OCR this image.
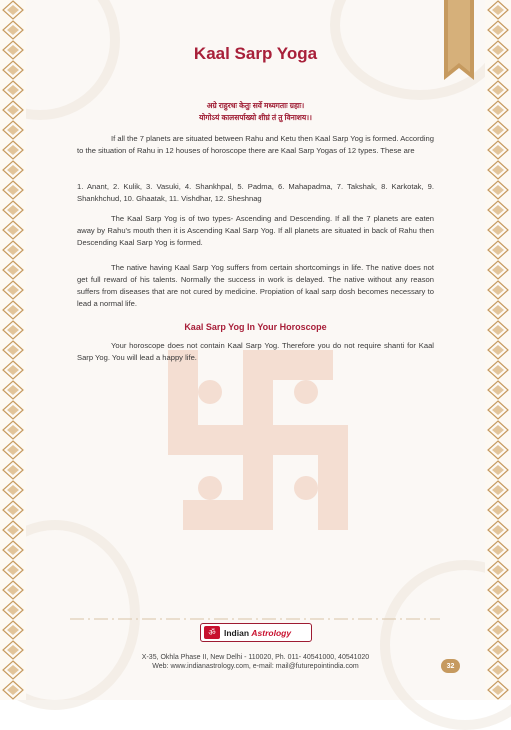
Kaal Sarp Yoga

अग्रे राहुरधः केतुः सर्वे मध्यगताः ग्रहाः।

योगोऽयं कालसर्पाख्यो शीघ्रं तं तु विनाशय।।

If all the 7 planets are situated between Rahu and Ketu then Kaal Sarp Yog is formed. According to the situation of Rahu in 12 houses of horoscope there are Kaal Sarp Yogas of 12 types. These are

1. Anant, 2. Kulik, 3. Vasuki, 4. Shankhpal, 5. Padma, 6. Mahapadma, 7. Takshak, 8. Karkotak, 9. Shankhchud, 10. Ghaatak, 11. Vishdhar, 12. Sheshnag

The Kaal Sarp Yog is of two types- Ascending and Descending. If all the 7 planets are eaten away by Rahu's mouth then it is Ascending Kaal Sarp Yog. If all planets are situated in back of Rahu then Descending Kaal Sarp Yog is formed.

The native having Kaal Sarp Yog suffers from certain shortcomings in life. The native does not get full reward of his talents. Normally the success in work is delayed. The native without any reason suffers from diseases that are not cured by medicine. Propiation of kaal sarp dosh becomes necessary to lead a normal life.

Kaal Sarp Yog In Your Horoscope

Your horoscope does not contain Kaal Sarp Yog. Therefore you do not require shanti for Kaal Sarp Yog. You will lead a happy life.

ॐ Indian Astrology

X-35, Okhla Phase II, New Delhi - 110020, Ph. 011- 40541000, 40541020

Web: www.indianastrology.com, e-mail: mail@futurepointindia.com	32
